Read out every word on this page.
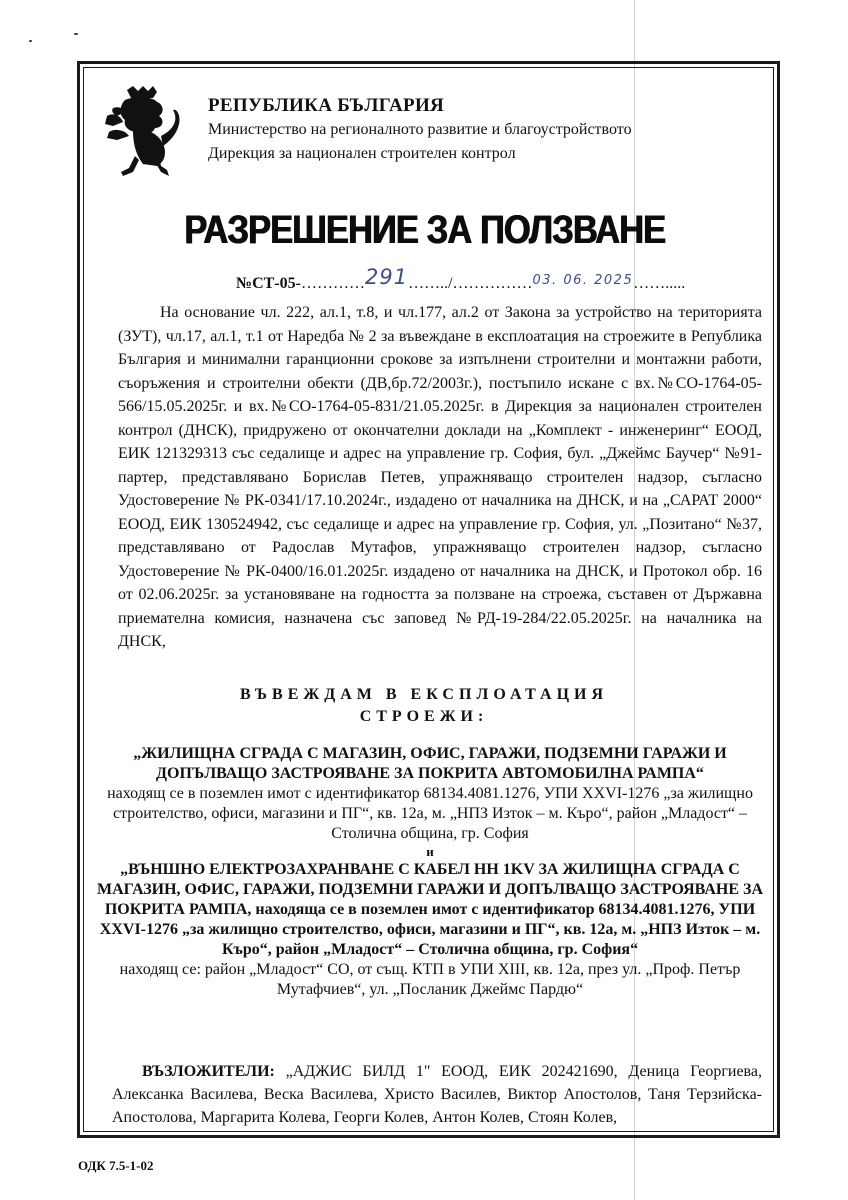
РЕПУБЛИКА БЪЛГАРИЯ
Министерство на регионалното развитие и благоустройството
Дирекция за национален строителен контрол
РАЗРЕШЕНИЕ ЗА ПОЛЗВАНЕ
№СТ-05-…………291……../……………$^{03. 06. 2025}$…….....

На основание чл. 222, ал.1, т.8, и чл.177, ал.2 от Закона за устройство на територията (ЗУТ), чл.17, ал.1, т.1 от Наредба № 2 за въвеждане в експлоатация на строежите в Република България и минимални гаранционни срокове за изпълнени строителни и монтажни работи, съоръжения и строителни обекти (ДВ,бр.72/2003г.), постъпило искане с вх.№СО-1764-05-566/15.05.2025г. и вх.№СО-1764-05-831/21.05.2025г. в Дирекция за национален строителен контрол (ДНСК), придружено от окончателни доклади на „Комплект - инженеринг“ ЕООД, ЕИК 121329313 със седалище и адрес на управление гр. София, бул. „Джеймс Баучер“ №91-партер, представлявано Борислав Петев, упражняващо строителен надзор, съгласно Удостоверение № РК-0341/17.10.2024г., издадено от началника на ДНСК, и на „САРАТ 2000“ ЕООД, ЕИК 130524942, със седалище и адрес на управление гр. София, ул. „Позитано“ №37, представлявано от Радослав Мутафов, упражняващо строителен надзор, съгласно Удостоверение № РК-0400/16.01.2025г. издадено от началника на ДНСК, и Протокол обр. 16 от 02.06.2025г. за установяване на годността за ползване на строежа, съставен от Държавна приемателна комисия, назначена със заповед №РД-19-284/22.05.2025г. на началника на ДНСК,

ВЪВЕЖДАМ В ЕКСПЛОАТАЦИЯ
СТРОЕЖИ:
„ЖИЛИЩНА СГРАДА С МАГАЗИН, ОФИС, ГАРАЖИ, ПОДЗЕМНИ ГАРАЖИ И ДОПЪЛВАЩО ЗАСТРОЯВАНЕ ЗА ПОКРИТА АВТОМОБИЛНА РАМПА“
находящ се в поземлен имот с идентификатор 68134.4081.1276, УПИ XXVI-1276 „за жилищно строителство, офиси, магазини и ПГ“, кв. 12а, м. „НПЗ Изток – м. Къро“, район „Младост“ – Столична община, гр. София
и
„ВЪНШНО ЕЛЕКТРОЗАХРАНВАНЕ С КАБЕЛ НН 1KV ЗА ЖИЛИЩНА СГРАДА С МАГАЗИН, ОФИС, ГАРАЖИ, ПОДЗЕМНИ ГАРАЖИ И ДОПЪЛВАЩО ЗАСТРОЯВАНЕ ЗА ПОКРИТА РАМПА, находяща се в поземлен имот с идентификатор 68134.4081.1276, УПИ XXVI-1276 „за жилищно строителство, офиси, магазини и ПГ“, кв. 12а, м. „НПЗ Изток – м. Къро“, район „Младост“ – Столична община, гр. София“
находящ се: район „Младост“ СО, от същ. КТП в УПИ XIII, кв. 12а, през ул. „Проф. Петър Мутафчиев“, ул. „Посланик Джеймс Пардю“
ВЪЗЛОЖИТЕЛИ: „АДЖИС БИЛД 1" ЕООД, ЕИК 202421690, Деница Георгиева, Алексанка Василева, Веска Василева, Христо Василев, Виктор Апостолов, Таня Терзийска-Апостолова, Маргарита Колева, Георги Колев, Антон Колев, Стоян Колев,
ОДК 7.5-1-02
